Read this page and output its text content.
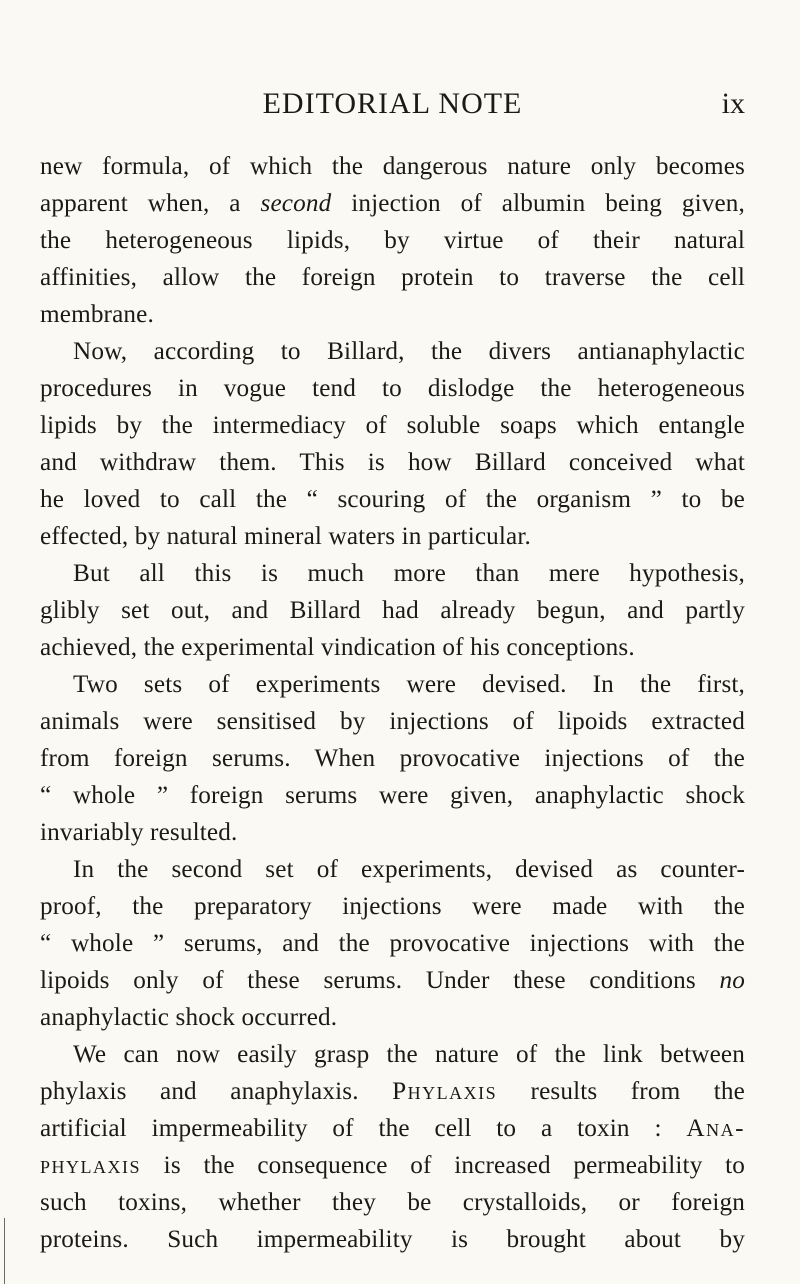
EDITORIAL NOTE	ix
new formula, of which the dangerous nature only becomes
apparent when, a second injection of albumin being given,
the heterogeneous lipids, by virtue of their natural
affinities, allow the foreign protein to traverse the cell
membrane.
Now, according to Billard, the divers antianaphylactic
procedures in vogue tend to dislodge the heterogeneous
lipids by the intermediacy of soluble soaps which entangle
and withdraw them. This is how Billard conceived what
he loved to call the “ scouring of the organism ” to be
effected, by natural mineral waters in particular.
But all this is much more than mere hypothesis,
glibly set out, and Billard had already begun, and partly
achieved, the experimental vindication of his conceptions.
Two sets of experiments were devised. In the first,
animals were sensitised by injections of lipoids extracted
from foreign serums. When provocative injections of the
“ whole ” foreign serums were given, anaphylactic shock
invariably resulted.
In the second set of experiments, devised as counter-
proof, the preparatory injections were made with the
“ whole ” serums, and the provocative injections with the
lipoids only of these serums. Under these conditions no
anaphylactic shock occurred.
We can now easily grasp the nature of the link between
phylaxis and anaphylaxis. Phylaxis results from the
artificial impermeability of the cell to a toxin : Ana-
phylaxis is the consequence of increased permeability to
such toxins, whether they be crystalloids, or foreign
proteins. Such impermeability is brought about by
